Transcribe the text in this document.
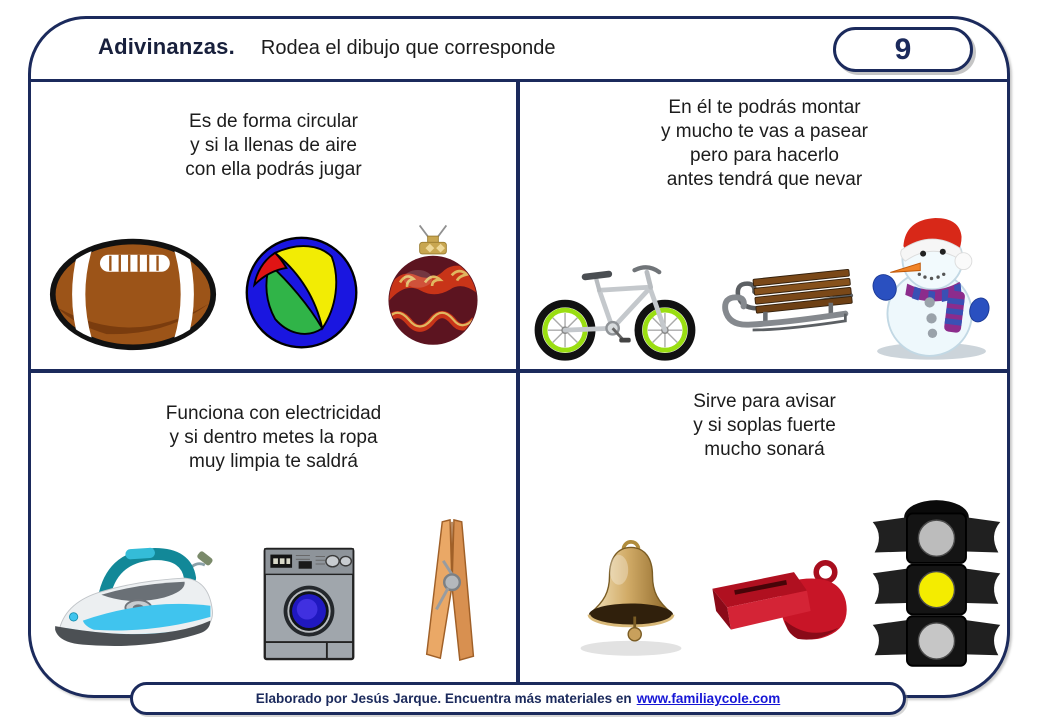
Adivinanzas. Rodea el dibujo que corresponde	9
Es de forma circular
y si la llenas de aire
con ella podrás jugar
En él te podrás montar
y mucho te vas a pasear
pero para hacerlo
antes tendrá que nevar
Funciona con electricidad
y si dentro metes la ropa
muy limpia te saldrá
Sirve para avisar
y si soplas fuerte
mucho sonará
Elaborado por Jesús Jarque. Encuentra más materiales en www.familiaycole.com
